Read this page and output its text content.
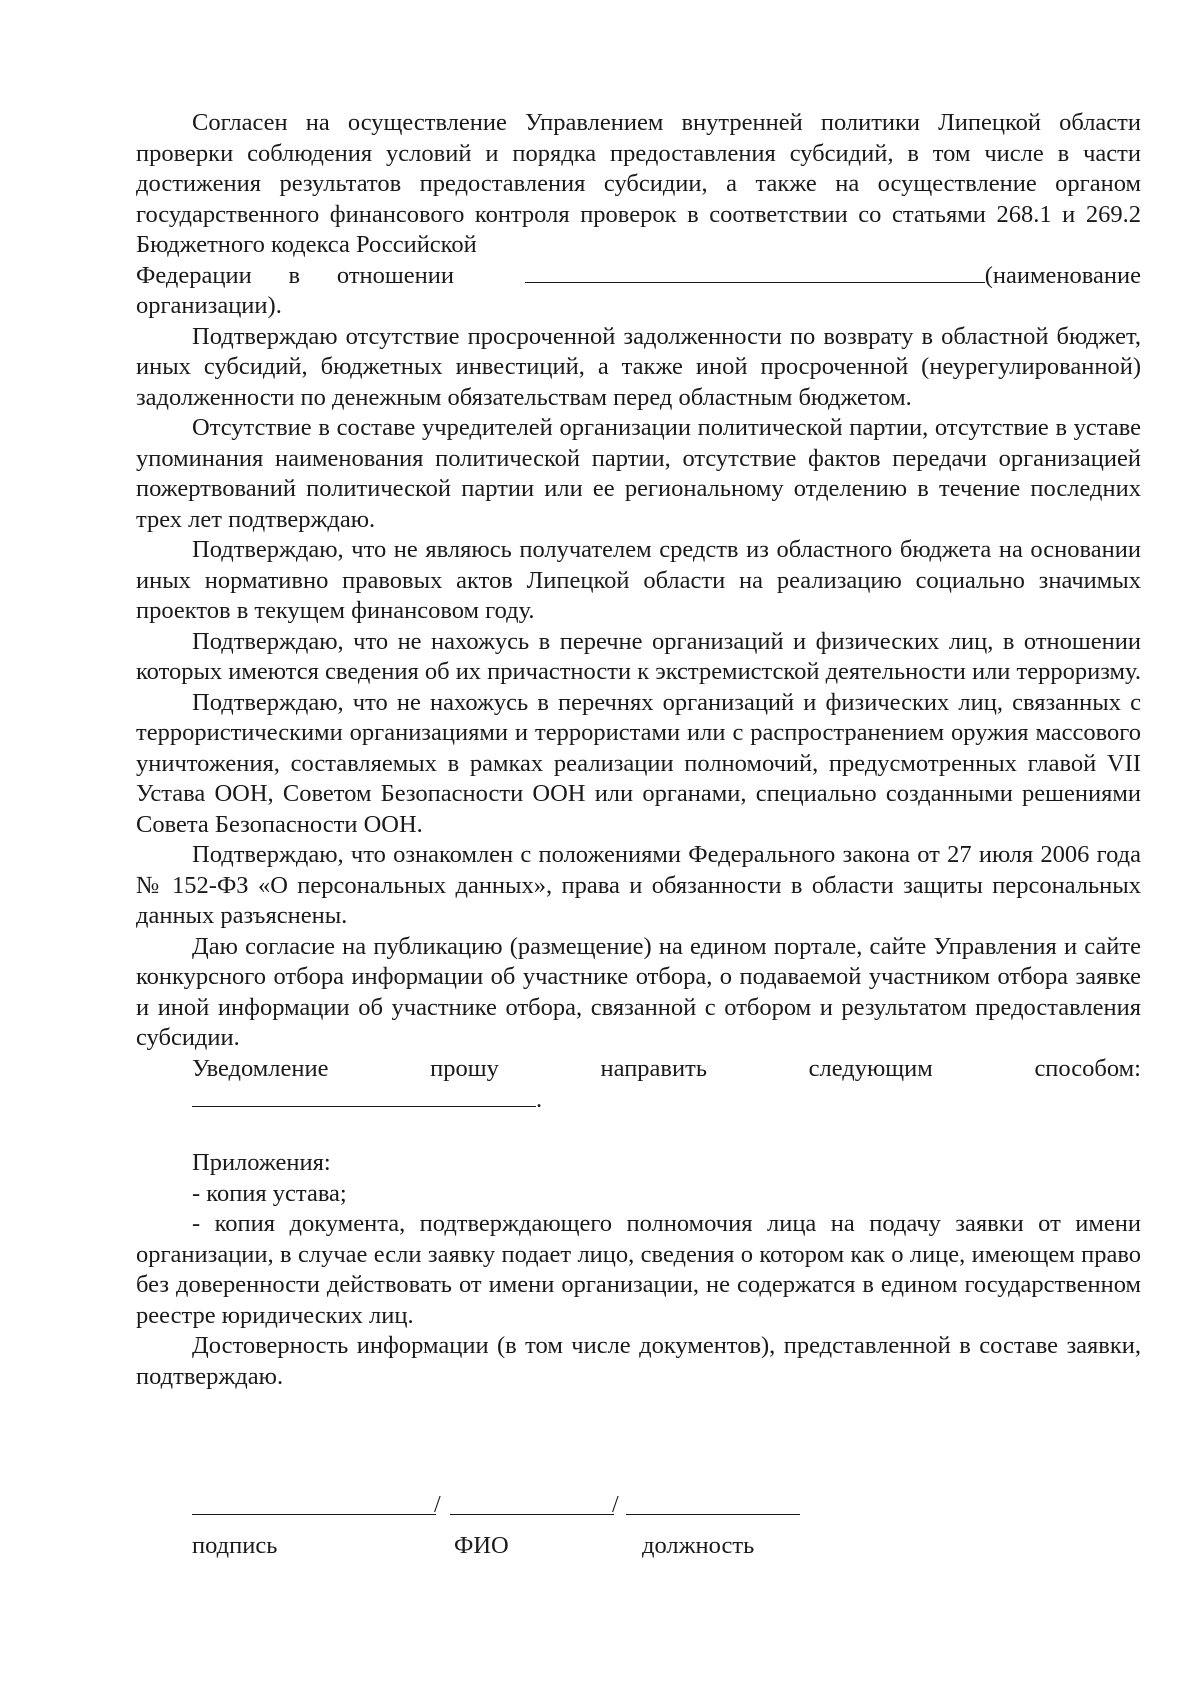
Согласен на осуществление Управлением внутренней политики Липецкой области проверки соблюдения условий и порядка предоставления субсидий, в том числе в части достижения результатов предоставления субсидии, а также на осуществление органом государственного финансового контроля проверок в соответствии со статьями 268.1 и 269.2 Бюджетного кодекса Российской
Федерации в отношении	(наименование
организации).

Подтверждаю отсутствие просроченной задолженности по возврату в областной бюджет, иных субсидий, бюджетных инвестиций, а также иной просроченной (неурегулированной) задолженности по денежным обязательствам перед областным бюджетом.

Отсутствие в составе учредителей организации политической партии, отсутствие в уставе упоминания наименования политической партии, отсутствие фактов передачи организацией пожертвований политической партии или ее региональному отделению в течение последних трех лет подтверждаю.

Подтверждаю, что не являюсь получателем средств из областного бюджета на основании иных нормативно правовых актов Липецкой области на реализацию социально значимых проектов в текущем финансовом году.

Подтверждаю, что не нахожусь в перечне организаций и физических лиц, в отношении которых имеются сведения об их причастности к экстремистской деятельности или терроризму.

Подтверждаю, что не нахожусь в перечнях организаций и физических лиц, связанных с террористическими организациями и террористами или с распространением оружия массового уничтожения, составляемых в рамках реализации полномочий, предусмотренных главой VII Устава ООН, Советом Безопасности ООН или органами, специально созданными решениями Совета Безопасности ООН.

Подтверждаю, что ознакомлен с положениями Федерального закона от 27 июля 2006 года № 152-ФЗ «О персональных данных», права и обязанности в области защиты персональных данных разъяснены.

Даю согласие на публикацию (размещение) на едином портале, сайте Управления и сайте конкурсного отбора информации об участнике отбора, о подаваемой участником отбора заявке и иной информации об участнике отбора, связанной с отбором и результатом предоставления субсидии.

Уведомление	прошу	направить	следующим	способом:
.
Приложения:
- копия устава;

- копия документа, подтверждающего полномочия лица на подачу заявки от имени организации, в случае если заявку подает лицо, сведения о котором как о лице, имеющем право без доверенности действовать от имени организации, не содержатся в едином государственном реестре юридических лиц.

Достоверность информации (в том числе документов), представленной в составе заявки, подтверждаю.

/	/
подпись	ФИО	должность
